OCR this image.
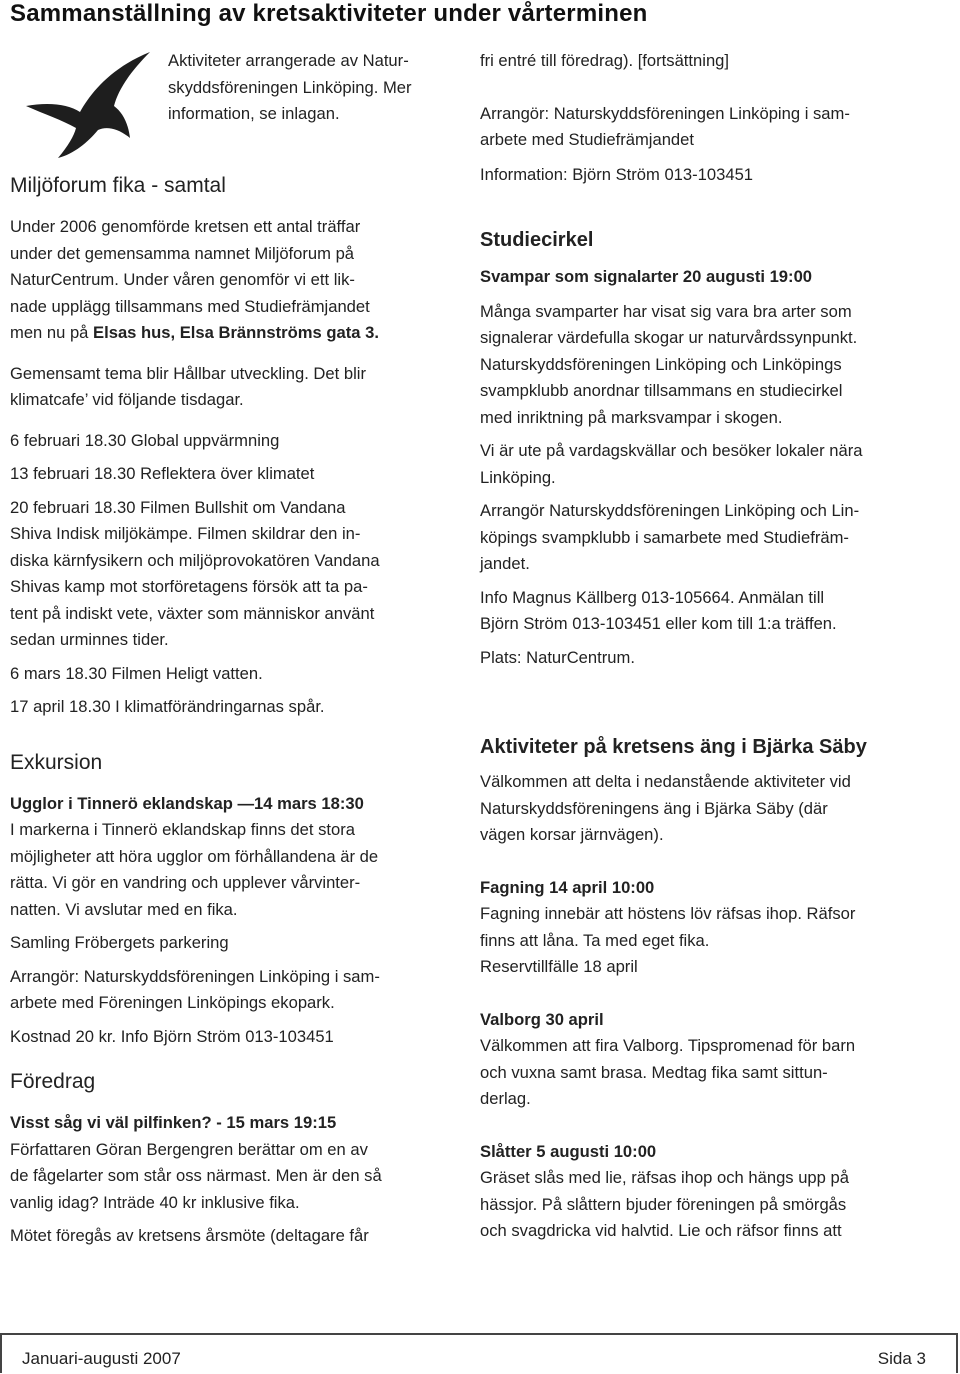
Sammanställning av kretsaktiviteter under vårterminen

Aktiviteter arrangerade av Natur-

skyddsföreningen Linköping. Mer

information, se inlagan.

Miljöforum fika - samtal

Under 2006 genomförde kretsen ett antal träffar

under det gemensamma namnet Miljöforum på

NaturCentrum. Under våren genomför vi ett lik-

nade upplägg tillsammans med Studiefrämjandet

men nu på Elsas hus, Elsa Brännströms gata 3.

Gemensamt tema blir Hållbar utveckling. Det blir

klimatcafe’ vid följande tisdagar.

6 februari 18.30 Global uppvärmning

13 februari 18.30 Reflektera över klimatet

20 februari 18.30 Filmen Bullshit om Vandana

Shiva Indisk miljökämpe. Filmen skildrar den in-

diska kärnfysikern och miljöprovokatören Vandana

Shivas kamp mot storföretagens försök att ta pa-

tent på indiskt vete, växter som människor använt

sedan urminnes tider.

6 mars 18.30 Filmen Heligt vatten.

17 april 18.30 I klimatförändringarnas spår.

Exkursion

Ugglor i Tinnerö eklandskap —14 mars 18:30

I markerna i Tinnerö eklandskap finns det stora

möjligheter att höra ugglor om förhållandena är de

rätta. Vi gör en vandring och upplever vårvinter-

natten. Vi avslutar med en fika.

Samling Fröbergets parkering

Arrangör: Naturskyddsföreningen Linköping i sam-

arbete med Föreningen Linköpings ekopark.

Kostnad 20 kr. Info Björn Ström 013-103451

Föredrag

Visst såg vi väl pilfinken? - 15 mars 19:15

Författaren Göran Bergengren berättar om en av

de fågelarter som står oss närmast. Men är den så

vanlig idag? Inträde 40 kr inklusive fika.

Mötet föregås av kretsens årsmöte (deltagare får

fri entré till föredrag). [fortsättning]

Arrangör: Naturskyddsföreningen Linköping i sam-

arbete med Studiefrämjandet

Information: Björn Ström 013-103451

Studiecirkel

Svampar som signalarter 20 augusti 19:00

Många svamparter har visat sig vara bra arter som

signalerar värdefulla skogar ur naturvårdssynpunkt.

Naturskyddsföreningen Linköping och Linköpings

svampklubb anordnar tillsammans en studiecirkel

med inriktning på marksvampar i skogen.

Vi är ute på vardagskvällar och besöker lokaler nära

Linköping.

Arrangör Naturskyddsföreningen Linköping och Lin-

köpings svampklubb i samarbete med Studiefräm-

jandet.

Info Magnus Källberg 013-105664. Anmälan till

Björn Ström 013-103451 eller kom till 1:a träffen.

Plats: NaturCentrum.

Aktiviteter på kretsens äng i Bjärka Säby

Välkommen att delta i nedanstående aktiviteter vid

Naturskyddsföreningens äng i Bjärka Säby (där

vägen korsar järnvägen).

Fagning 14 april 10:00

Fagning innebär att höstens löv räfsas ihop. Räfsor

finns att låna. Ta med eget fika.

Reservtillfälle 18 april

Valborg 30 april

Välkommen att fira Valborg. Tipspromenad för barn

och vuxna samt brasa. Medtag fika samt sittun-

derlag.

Slåtter 5 augusti 10:00

Gräset slås med lie, räfsas ihop och hängs upp på

hässjor. På slåttern bjuder föreningen på smörgås

och svagdricka vid halvtid. Lie och räfsor finns att

Januari-augusti 2007	Sida 3
